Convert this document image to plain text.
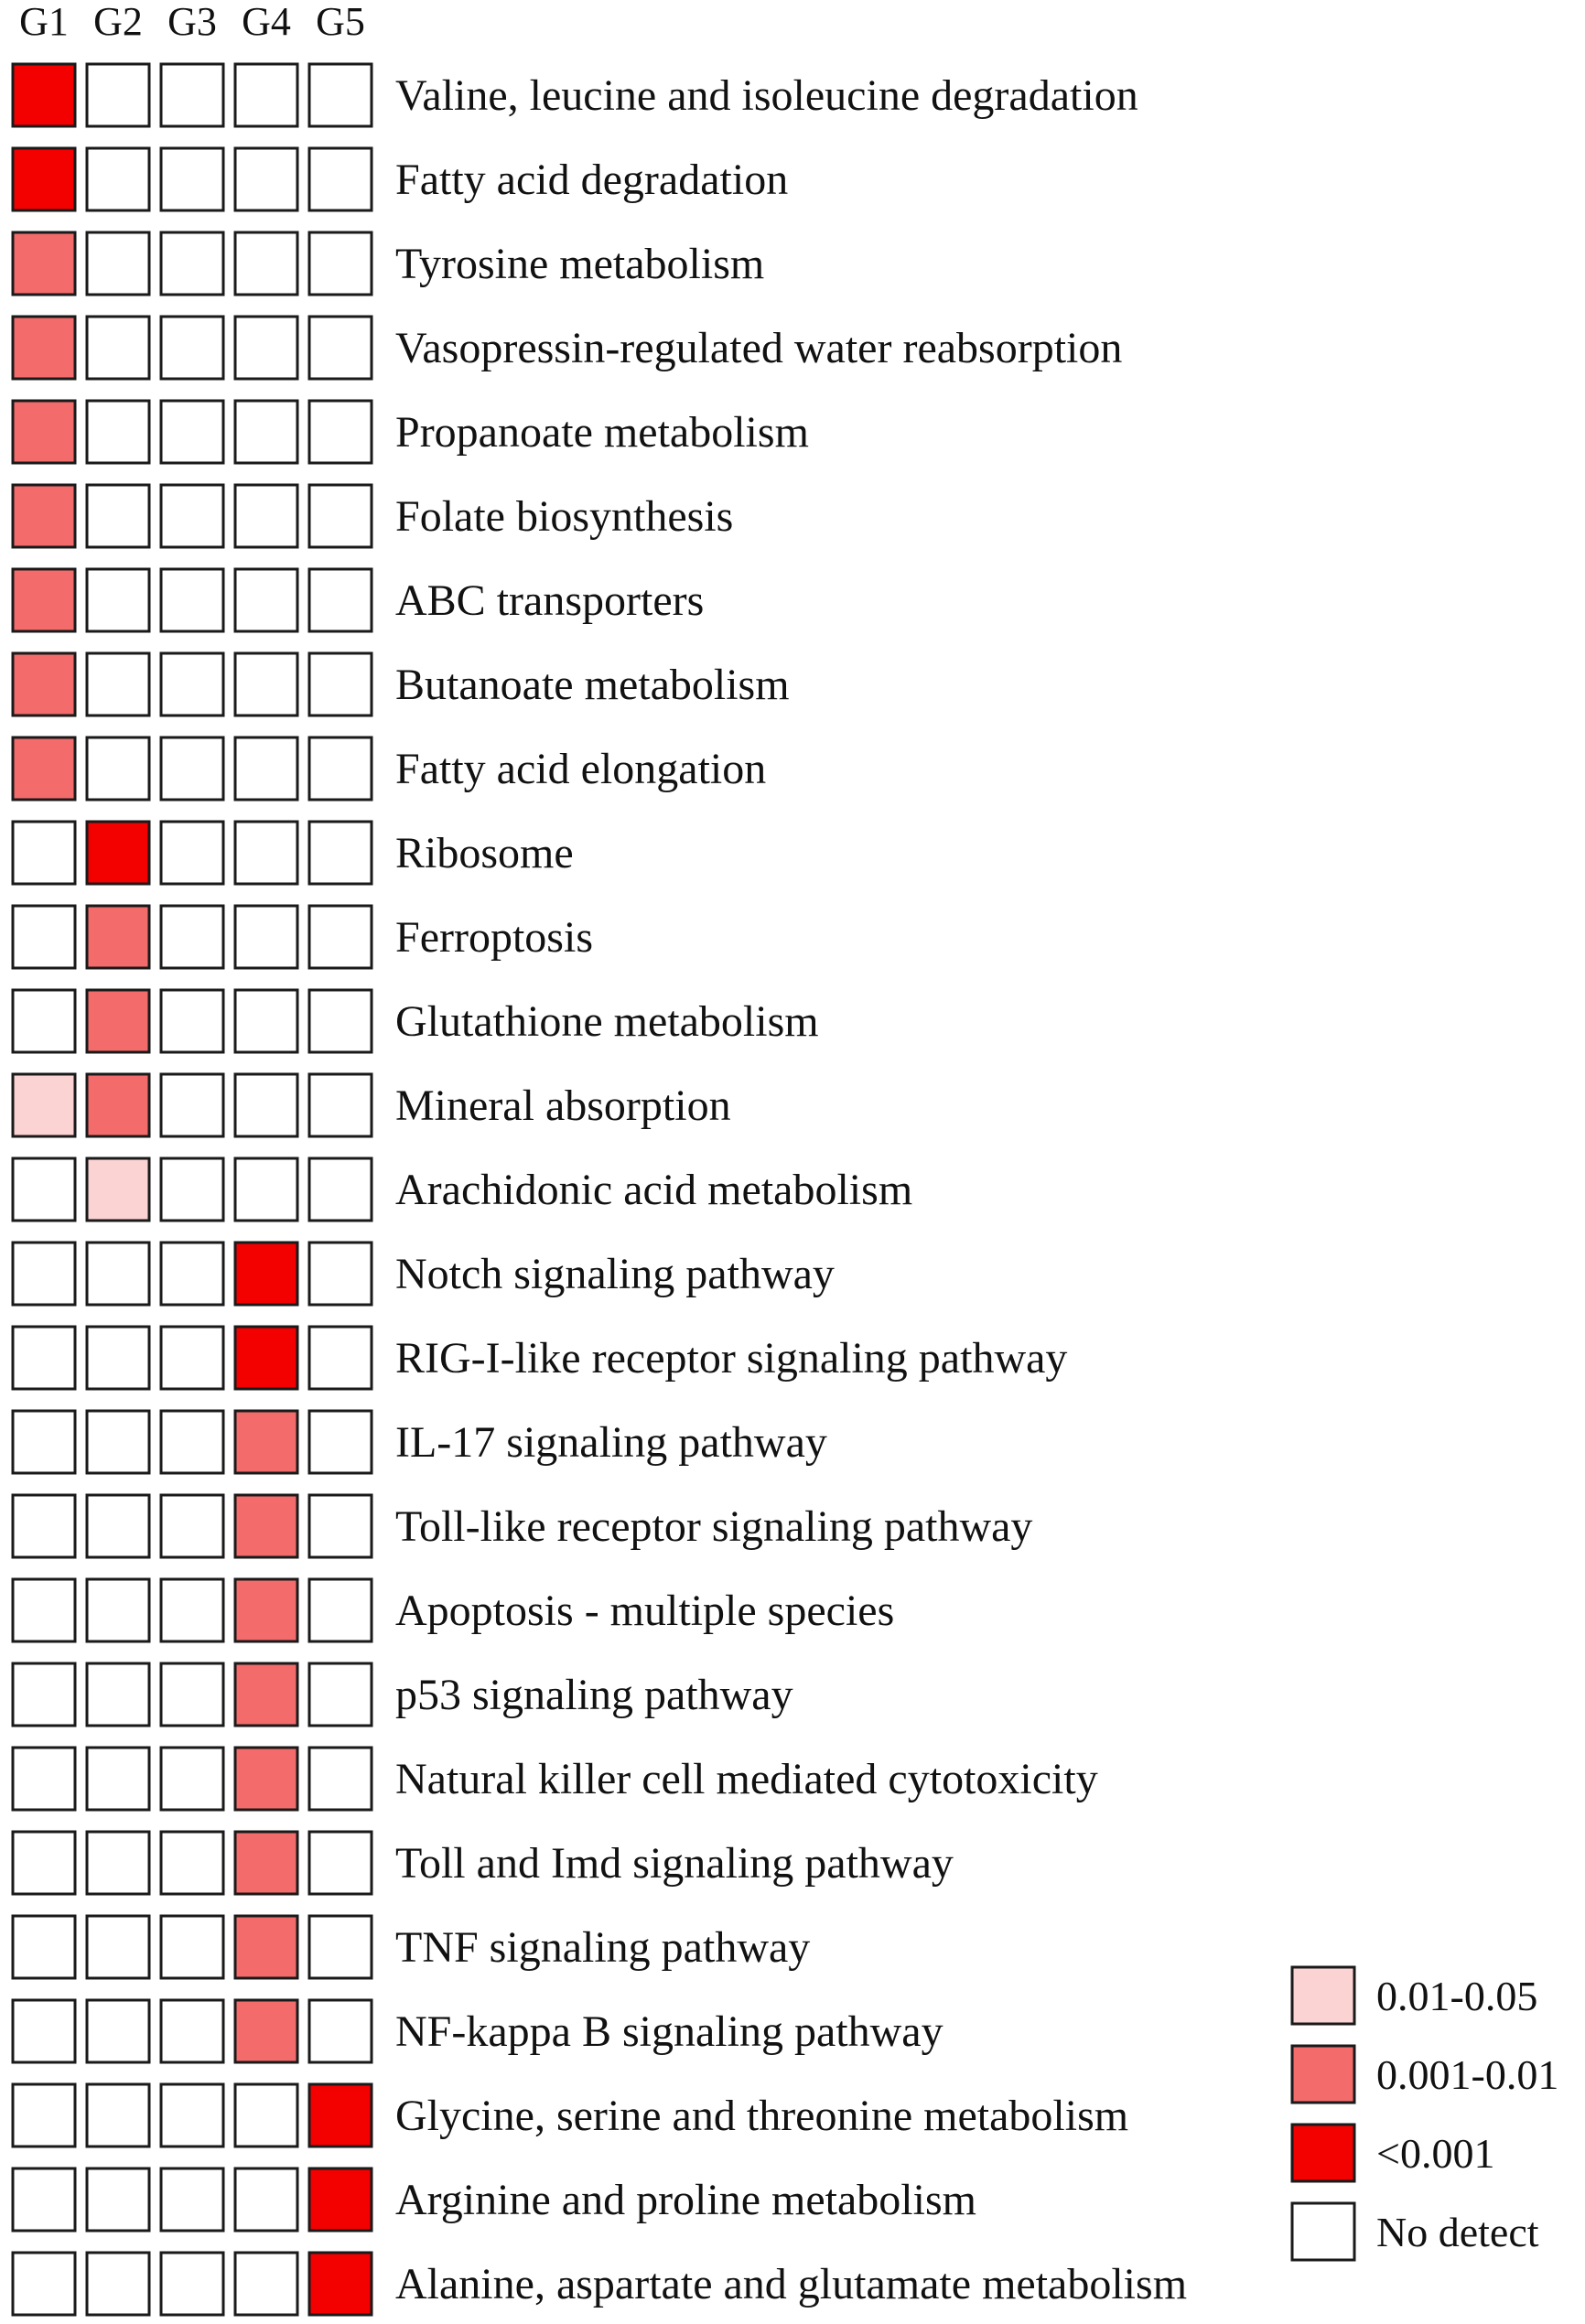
G1 G2 G3 G4 G5
Valine, leucine and isoleucine degradation
Fatty acid degradation
Tyrosine metabolism
Vasopressin-regulated water reabsorption
Propanoate metabolism
Folate biosynthesis
ABC transporters
Butanoate metabolism
Fatty acid elongation
Ribosome
Ferroptosis
Glutathione metabolism
Mineral absorption
Arachidonic acid metabolism
Notch signaling pathway
RIG-I-like receptor signaling pathway
IL-17 signaling pathway
Toll-like receptor signaling pathway
Apoptosis - multiple species
p53 signaling pathway
Natural killer cell mediated cytotoxicity
Toll and Imd signaling pathway
TNF signaling pathway
NF-kappa B signaling pathway
Glycine, serine and threonine metabolism
Arginine and proline metabolism
Alanine, aspartate and glutamate metabolism
0.01-0.05
0.001-0.01
<0.001
No detect
